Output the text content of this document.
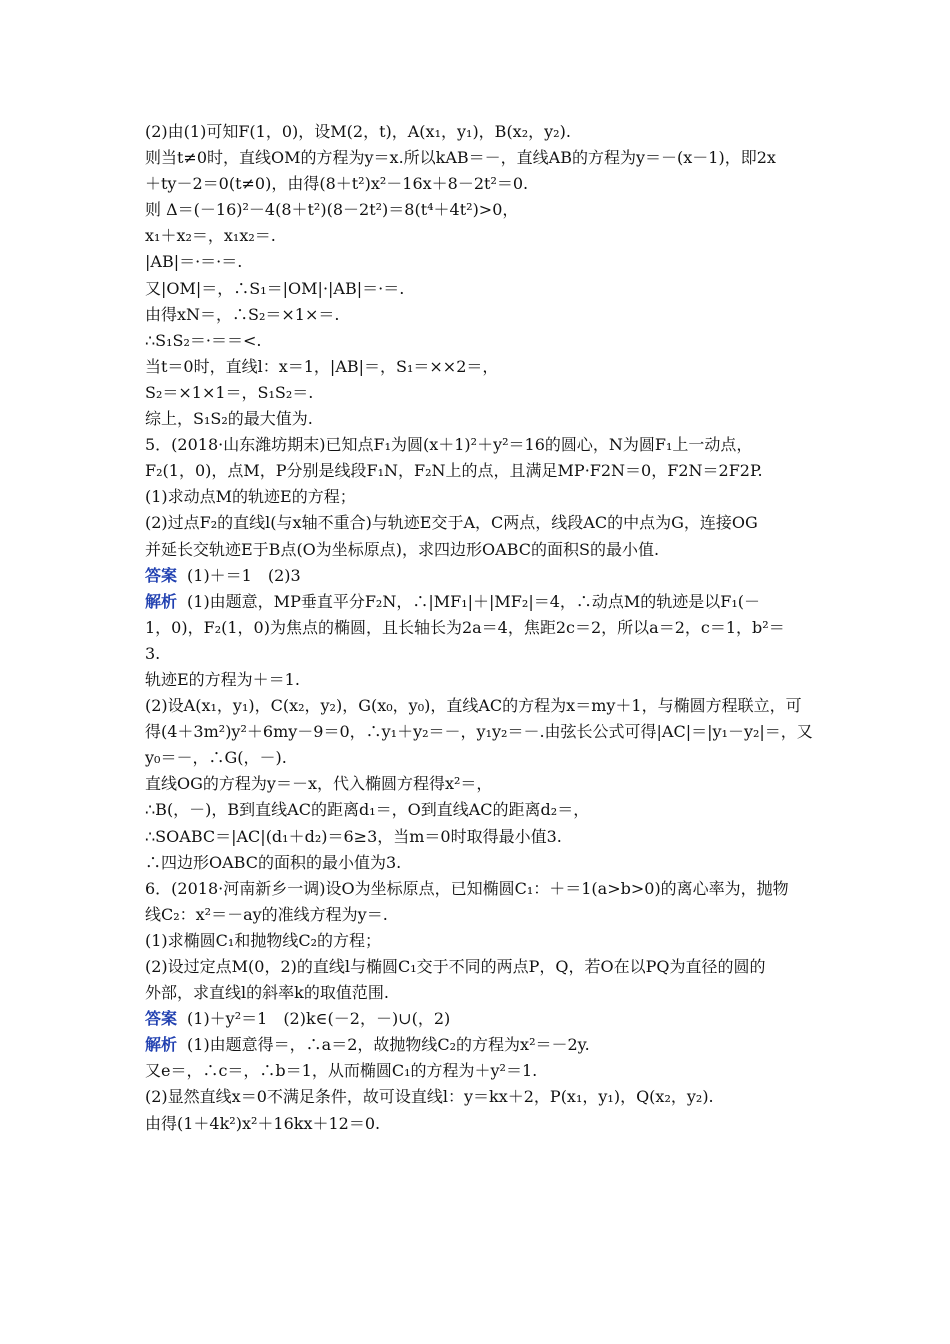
(2)由(1)可知F(1，0)，设M(2，t)，A(x₁，y₁)，B(x₂，y₂).
则当t≠0时，直线OM的方程为y＝x.所以kAB＝－，直线AB的方程为y＝－(x－1)，即2x
＋ty－2＝0(t≠0)，由得(8＋t²)x²－16x＋8－2t²＝0.
则 Δ＝(－16)²－4(8＋t²)(8－2t²)＝8(t⁴＋4t²)>0，
x₁＋x₂＝，x₁x₂＝.
|AB|＝·＝·＝.
又|OM|＝，∴S₁＝|OM|·|AB|＝·＝.
由得xN＝，∴S₂＝×1×＝.
∴S₁S₂＝·＝＝<.
当t＝0时，直线l：x＝1，|AB|＝，S₁＝××2＝，
S₂＝×1×1＝，S₁S₂＝.
综上，S₁S₂的最大值为.
5．(2018·山东潍坊期末)已知点F₁为圆(x＋1)²＋y²＝16的圆心，N为圆F₁上一动点，
F₂(1，0)，点M，P分别是线段F₁N，F₂N上的点，且满足MP·F2N＝0，F2N＝2F2P.
(1)求动点M的轨迹E的方程；
(2)过点F₂的直线l(与x轴不重合)与轨迹E交于A，C两点，线段AC的中点为G，连接OG
并延长交轨迹E于B点(O为坐标原点)，求四边形OABC的面积S的最小值.
答案 (1)＋＝1　(2)3
解析 (1)由题意，MP垂直平分F₂N，∴|MF₁|＋|MF₂|＝4，∴动点M的轨迹是以F₁(－
1，0)，F₂(1，0)为焦点的椭圆，且长轴长为2a＝4，焦距2c＝2，所以a＝2，c＝1，b²＝
3.
轨迹E的方程为＋＝1.
(2)设A(x₁，y₁)，C(x₂，y₂)，G(x₀，y₀)，直线AC的方程为x＝my＋1，与椭圆方程联立，可
得(4＋3m²)y²＋6my－9＝0，∴y₁＋y₂＝－，y₁y₂＝－.由弦长公式可得|AC|＝|y₁－y₂|＝，又
y₀＝－，∴G(，－).
直线OG的方程为y＝－x，代入椭圆方程得x²＝，
∴B(，－)，B到直线AC的距离d₁＝，O到直线AC的距离d₂＝，
∴SOABC＝|AC|(d₁＋d₂)＝6≥3，当m＝0时取得最小值3.
∴四边形OABC的面积的最小值为3.
6．(2018·河南新乡一调)设O为坐标原点，已知椭圆C₁：＋＝1(a>b>0)的离心率为，抛物
线C₂：x²＝－ay的准线方程为y＝.
(1)求椭圆C₁和抛物线C₂的方程；
(2)设过定点M(0，2)的直线l与椭圆C₁交于不同的两点P，Q，若O在以PQ为直径的圆的
外部，求直线l的斜率k的取值范围.
答案 (1)＋y²＝1　(2)k∈(－2，－)∪(，2)
解析 (1)由题意得＝，∴a＝2，故抛物线C₂的方程为x²＝－2y.
又e＝，∴c＝，∴b＝1，从而椭圆C₁的方程为＋y²＝1.
(2)显然直线x＝0不满足条件，故可设直线l：y＝kx＋2，P(x₁，y₁)，Q(x₂，y₂).
由得(1＋4k²)x²＋16kx＋12＝0.
